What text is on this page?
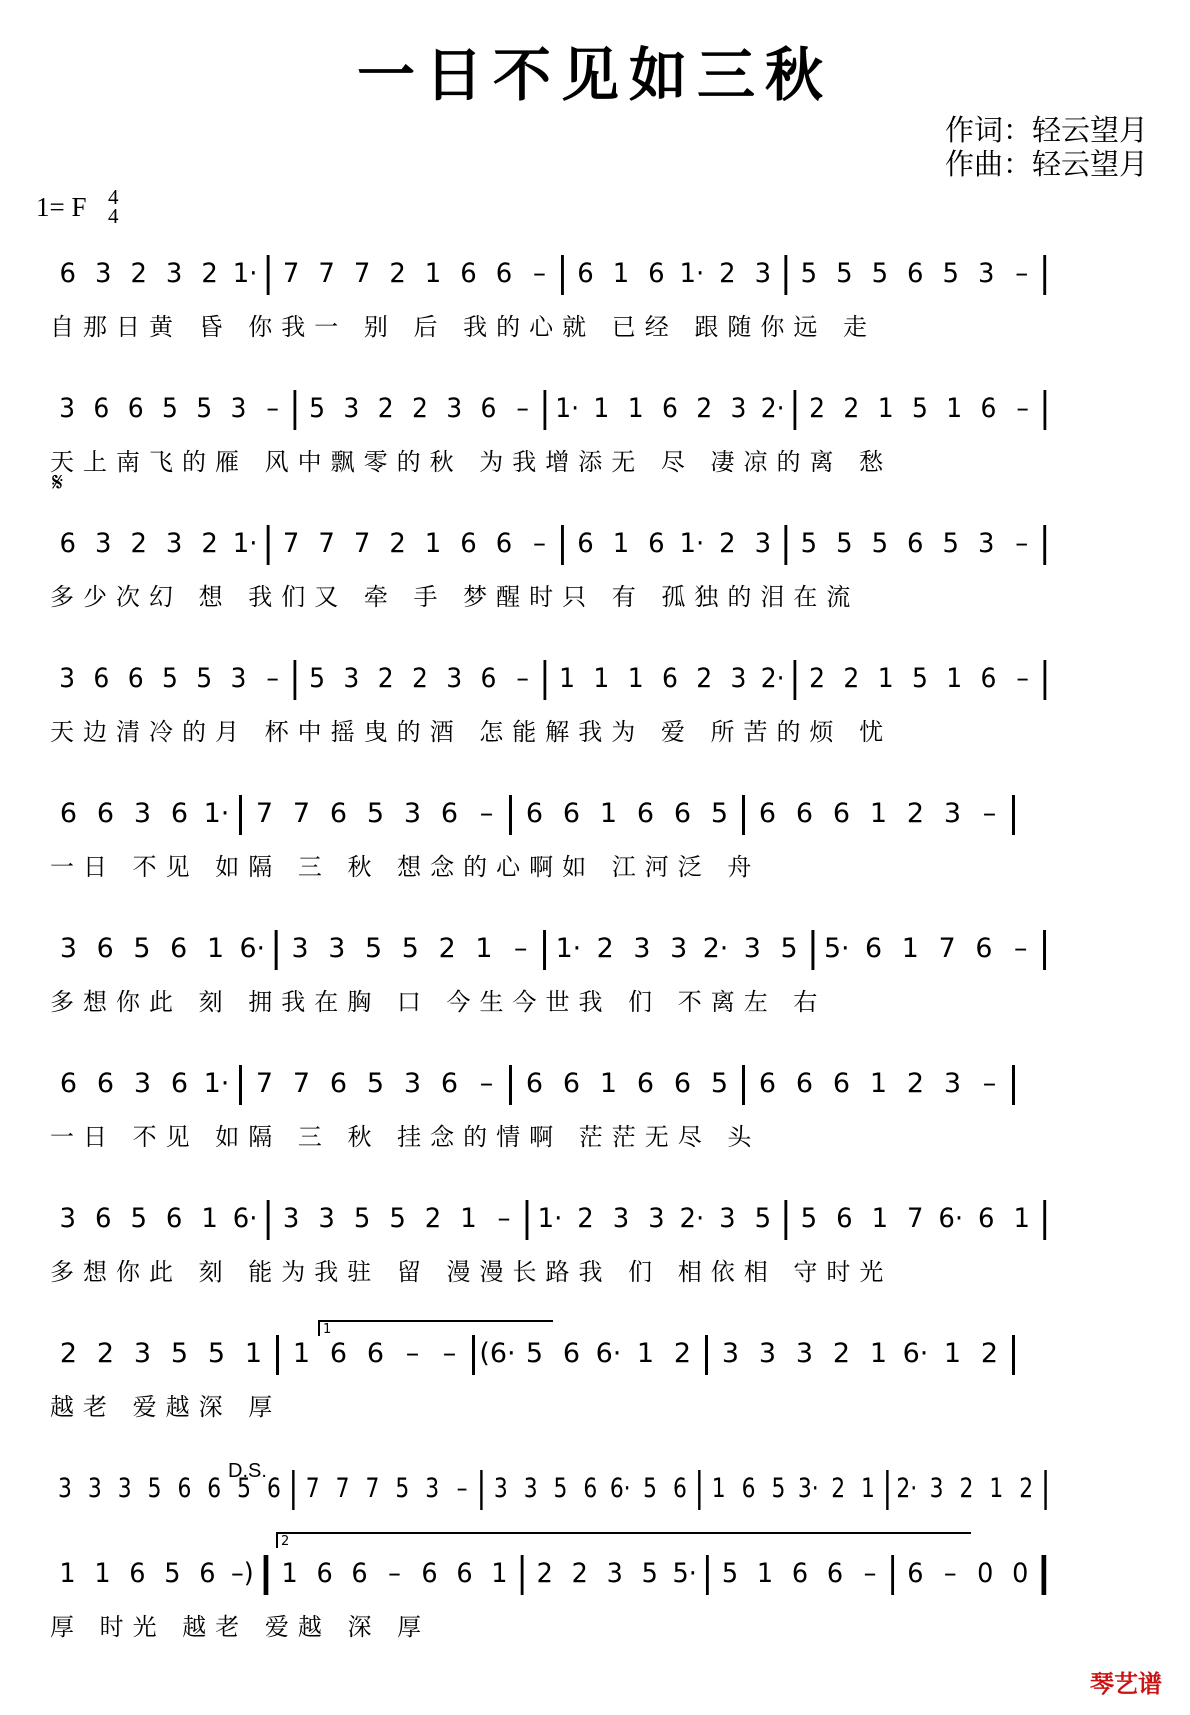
一日不见如三秋
作词：轻云望月
作曲：轻云望月
1= F 4
4
𝄋
D.S.
1
2
6 3 2 3 2 1· 7 7 7 2 1 6 6 –	6 1 6 1· 2 3	5 5 5 6 5 3 –
自那日黄 昏 你我一 别 后 我的心就 已经 跟随你远 走
3 6 6 5 5 3 –	5 3 2 2 3 6 – 1· 1 1 6 2 3 2· 2 2 1 5 1 6 –
天上南飞的雁 风中飘零的秋 为我增添无 尽 凄凉的离 愁
6 3 2 3 2 1· 7 7 7 2 1 6 6 –	6 1 6 1· 2 3	5 5 5 6 5 3 –
多少次幻 想 我们又 牵 手 梦醒时只 有 孤独的泪在流
3 6 6 5 5 3 –	5 3 2 2 3 6 –	1 1 1 6 2 3 2· 2 2 1 5 1 6 –
天边清冷的月 杯中摇曳的酒 怎能解我为 爱 所苦的烦 忧
6 6 3 6 1· 7 7 6 5 3 6 –	6 6 1 6 6 5	6 6 6 1 2 3 –
一日 不见 如隔 三 秋 想念的心啊如 江河泛 舟
3 6 5 6 1 6· 3 3 5 5 2 1 –	1· 2 3 3 2· 3 5 5· 6 1 7 6 –
多想你此 刻 拥我在胸 口 今生今世我 们 不离左 右
6 6 3 6 1· 7 7 6 5 3 6 –	6 6 1 6 6 5	6 6 6 1 2 3 –
一日 不见 如隔 三 秋 挂念的情啊 茫茫无尽 头
3 6 5 6 1 6· 3 3 5 5 2 1 –	1· 2 3 3 2· 3 5	5 6 1 7 6· 6 1
多想你此 刻 能为我驻 留 漫漫长路我 们 相依相 守时光
2 2 3 5 5 1	1 6 6 – – (6· 5 6 6· 1 2	3 3 3 2 1 6· 1 2
越老 爱越深 厚
3 3 3 5 6 6 5 6 7 7 7 5 3 – 3 3 5 6 6· 5 6 1 6 5 3· 2 1 2· 3 2 1 2
1 1 6 5 6 –)	1 6 6 – 6 6 1	2 2 3 5 5· 5 1 6 6 –	6 – 0 0
厚 时光 越老 爱越 深 厚
琴艺谱
